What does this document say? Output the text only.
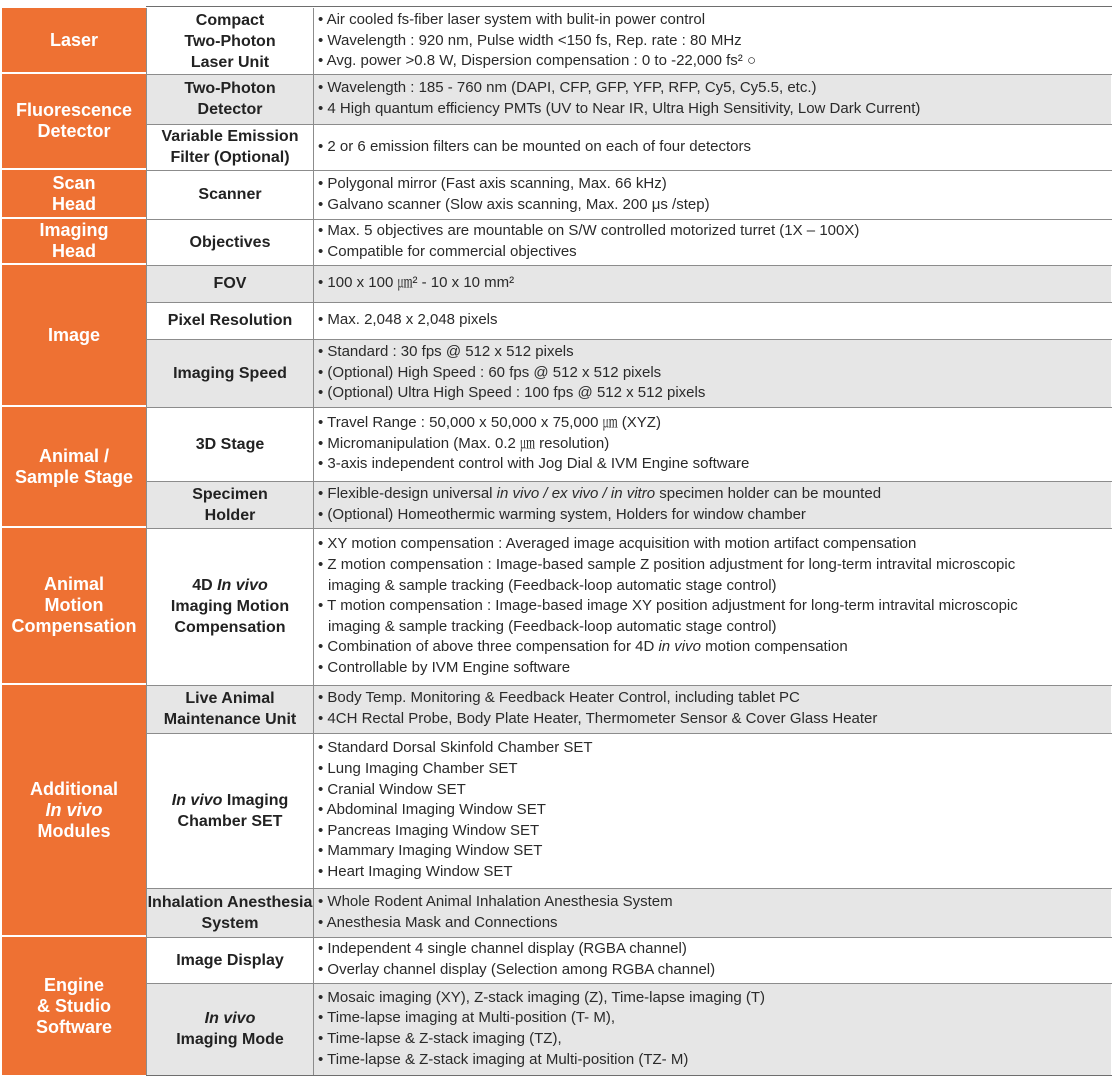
Laser
Fluorescence
Detector
Scan
Head
Imaging
Head
Image
Animal /
Sample Stage
Animal
Motion
Compensation
Additional
In vivo
Modules
Engine
& Studio
Software
Compact
Two-Photon
Laser Unit
• Air cooled fs-fiber laser system with bulit-in power control
• Wavelength : 920 nm, Pulse width <150 fs, Rep. rate : 80 MHz
• Avg. power >0.8 W, Dispersion compensation : 0 to -22,000 fs² ○
Two-Photon
Detector
• Wavelength : 185 - 760 nm (DAPI, CFP, GFP, YFP, RFP, Cy5, Cy5.5, etc.)
• 4 High quantum efficiency PMTs (UV to Near IR, Ultra High Sensitivity, Low Dark Current)
Variable Emission
Filter (Optional)
• 2 or 6 emission filters can be mounted on each of four detectors
Scanner
• Polygonal mirror (Fast axis scanning, Max. 66 kHz)
• Galvano scanner (Slow axis scanning, Max. 200 μs /step)
Objectives
• Max. 5 objectives are mountable on S/W controlled motorized turret (1X – 100X)
• Compatible for commercial objectives
FOV	• 100 x 100 ㎛² - 10 x 10 mm²
Pixel Resolution • Max. 2,048 x 2,048 pixels
Imaging Speed
• Standard : 30 fps @ 512 x 512 pixels
• (Optional) High Speed : 60 fps @ 512 x 512 pixels
• (Optional) Ultra High Speed : 100 fps @ 512 x 512 pixels
3D Stage
• Travel Range : 50,000 x 50,000 x 75,000 ㎛ (XYZ)
• Micromanipulation (Max. 0.2 ㎛ resolution)
• 3-axis independent control with Jog Dial & IVM Engine software
Specimen
Holder
• Flexible-design universal in vivo / ex vivo / in vitro specimen holder can be mounted
• (Optional) Homeothermic warming system, Holders for window chamber
4D In vivo
Imaging Motion
Compensation
• XY motion compensation : Averaged image acquisition with motion artifact compensation
• Z motion compensation : Image-based sample Z position adjustment for long-term intravital microscopic
imaging & sample tracking (Feedback-loop automatic stage control)
• T motion compensation : Image-based image XY position adjustment for long-term intravital microscopic
imaging & sample tracking (Feedback-loop automatic stage control)
• Combination of above three compensation for 4D in vivo motion compensation
• Controllable by IVM Engine software
Live Animal
Maintenance Unit
• Body Temp. Monitoring & Feedback Heater Control, including tablet PC
• 4CH Rectal Probe, Body Plate Heater, Thermometer Sensor & Cover Glass Heater
In vivo Imaging
Chamber SET
• Standard Dorsal Skinfold Chamber SET
• Lung Imaging Chamber SET
• Cranial Window SET
• Abdominal Imaging Window SET
• Pancreas Imaging Window SET
• Mammary Imaging Window SET
• Heart Imaging Window SET
Inhalation Anesthesia
System
• Whole Rodent Animal Inhalation Anesthesia System
• Anesthesia Mask and Connections
Image Display
• Independent 4 single channel display (RGBA channel)
• Overlay channel display (Selection among RGBA channel)
In vivo
Imaging Mode
• Mosaic imaging (XY), Z-stack imaging (Z), Time-lapse imaging (T)
• Time-lapse imaging at Multi-position (T- M),
• Time-lapse & Z-stack imaging (TZ),
• Time-lapse & Z-stack imaging at Multi-position (TZ- M)
